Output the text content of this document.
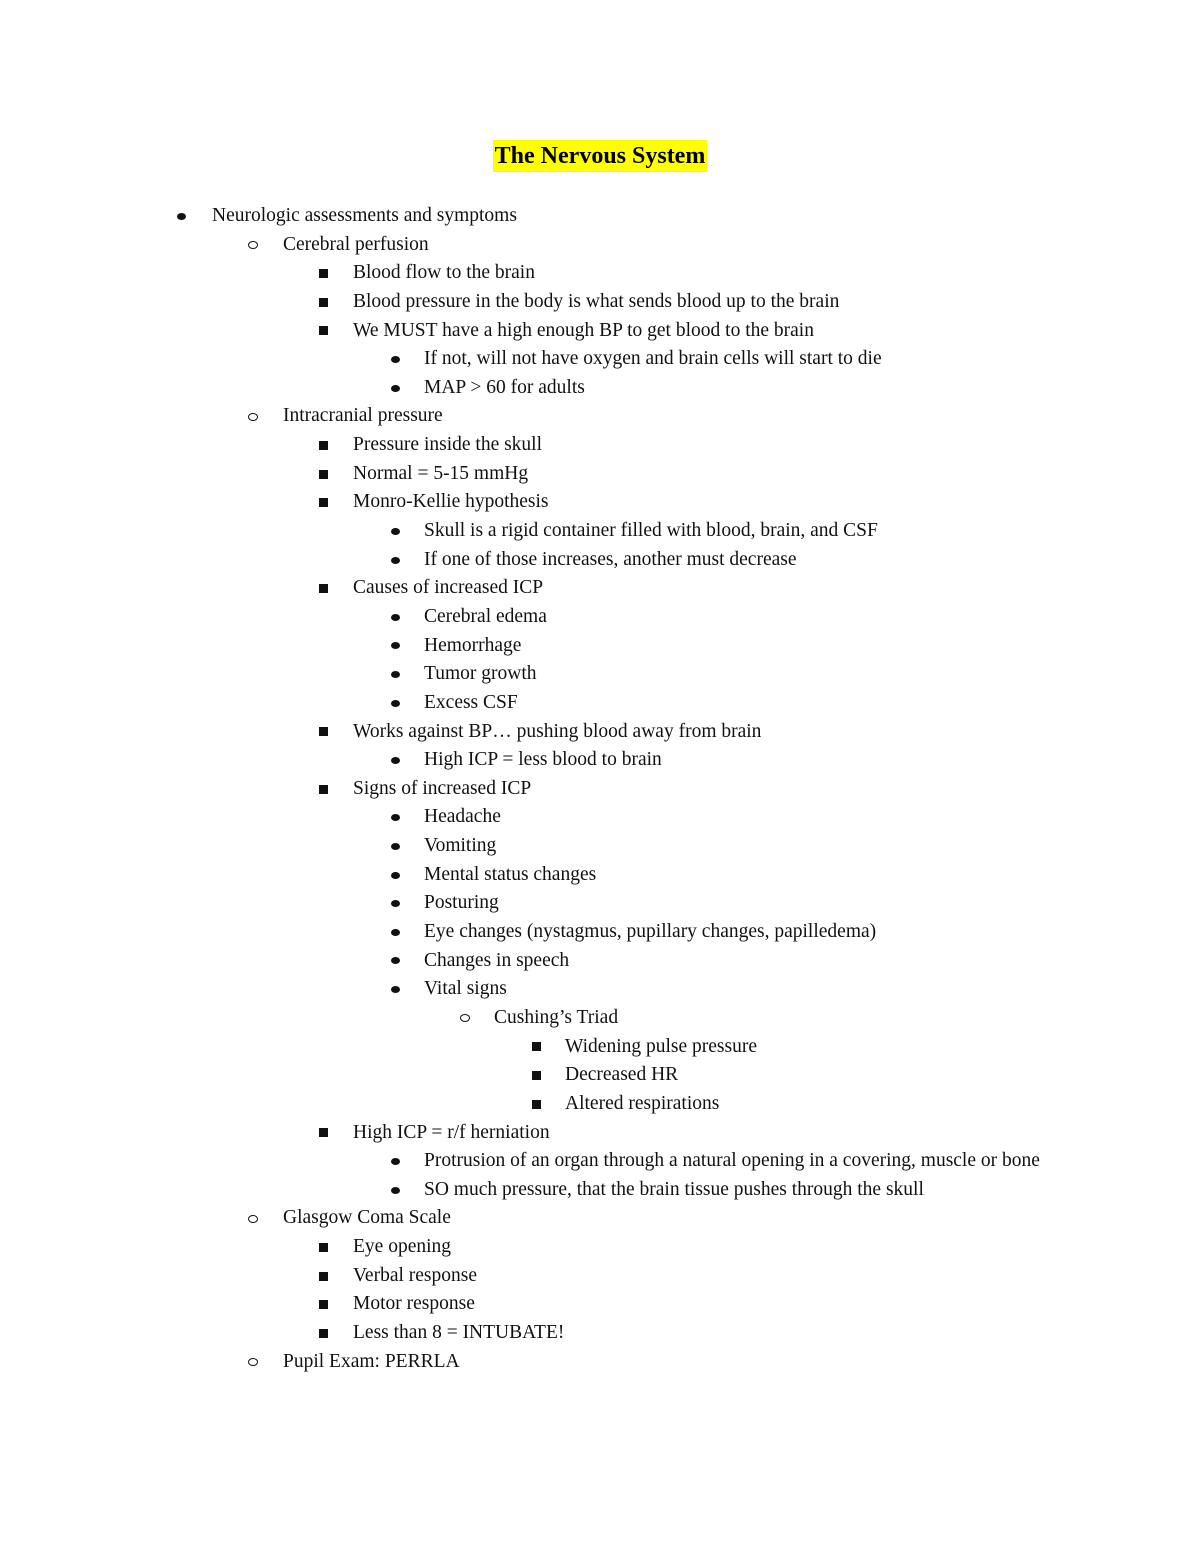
The Nervous System
Neurologic assessments and symptoms
Cerebral perfusion
Blood flow to the brain
Blood pressure in the body is what sends blood up to the brain
We MUST have a high enough BP to get blood to the brain
If not, will not have oxygen and brain cells will start to die
MAP > 60 for adults
Intracranial pressure
Pressure inside the skull
Normal = 5-15 mmHg
Monro-Kellie hypothesis
Skull is a rigid container filled with blood, brain, and CSF
If one of those increases, another must decrease
Causes of increased ICP
Cerebral edema
Hemorrhage
Tumor growth
Excess CSF
Works against BP… pushing blood away from brain
High ICP = less blood to brain
Signs of increased ICP
Headache
Vomiting
Mental status changes
Posturing
Eye changes (nystagmus, pupillary changes, papilledema)
Changes in speech
Vital signs
Cushing’s Triad
Widening pulse pressure
Decreased HR
Altered respirations
High ICP = r/f herniation
Protrusion of an organ through a natural opening in a covering, muscle or bone
SO much pressure, that the brain tissue pushes through the skull
Glasgow Coma Scale
Eye opening
Verbal response
Motor response
Less than 8 = INTUBATE!
Pupil Exam: PERRLA
